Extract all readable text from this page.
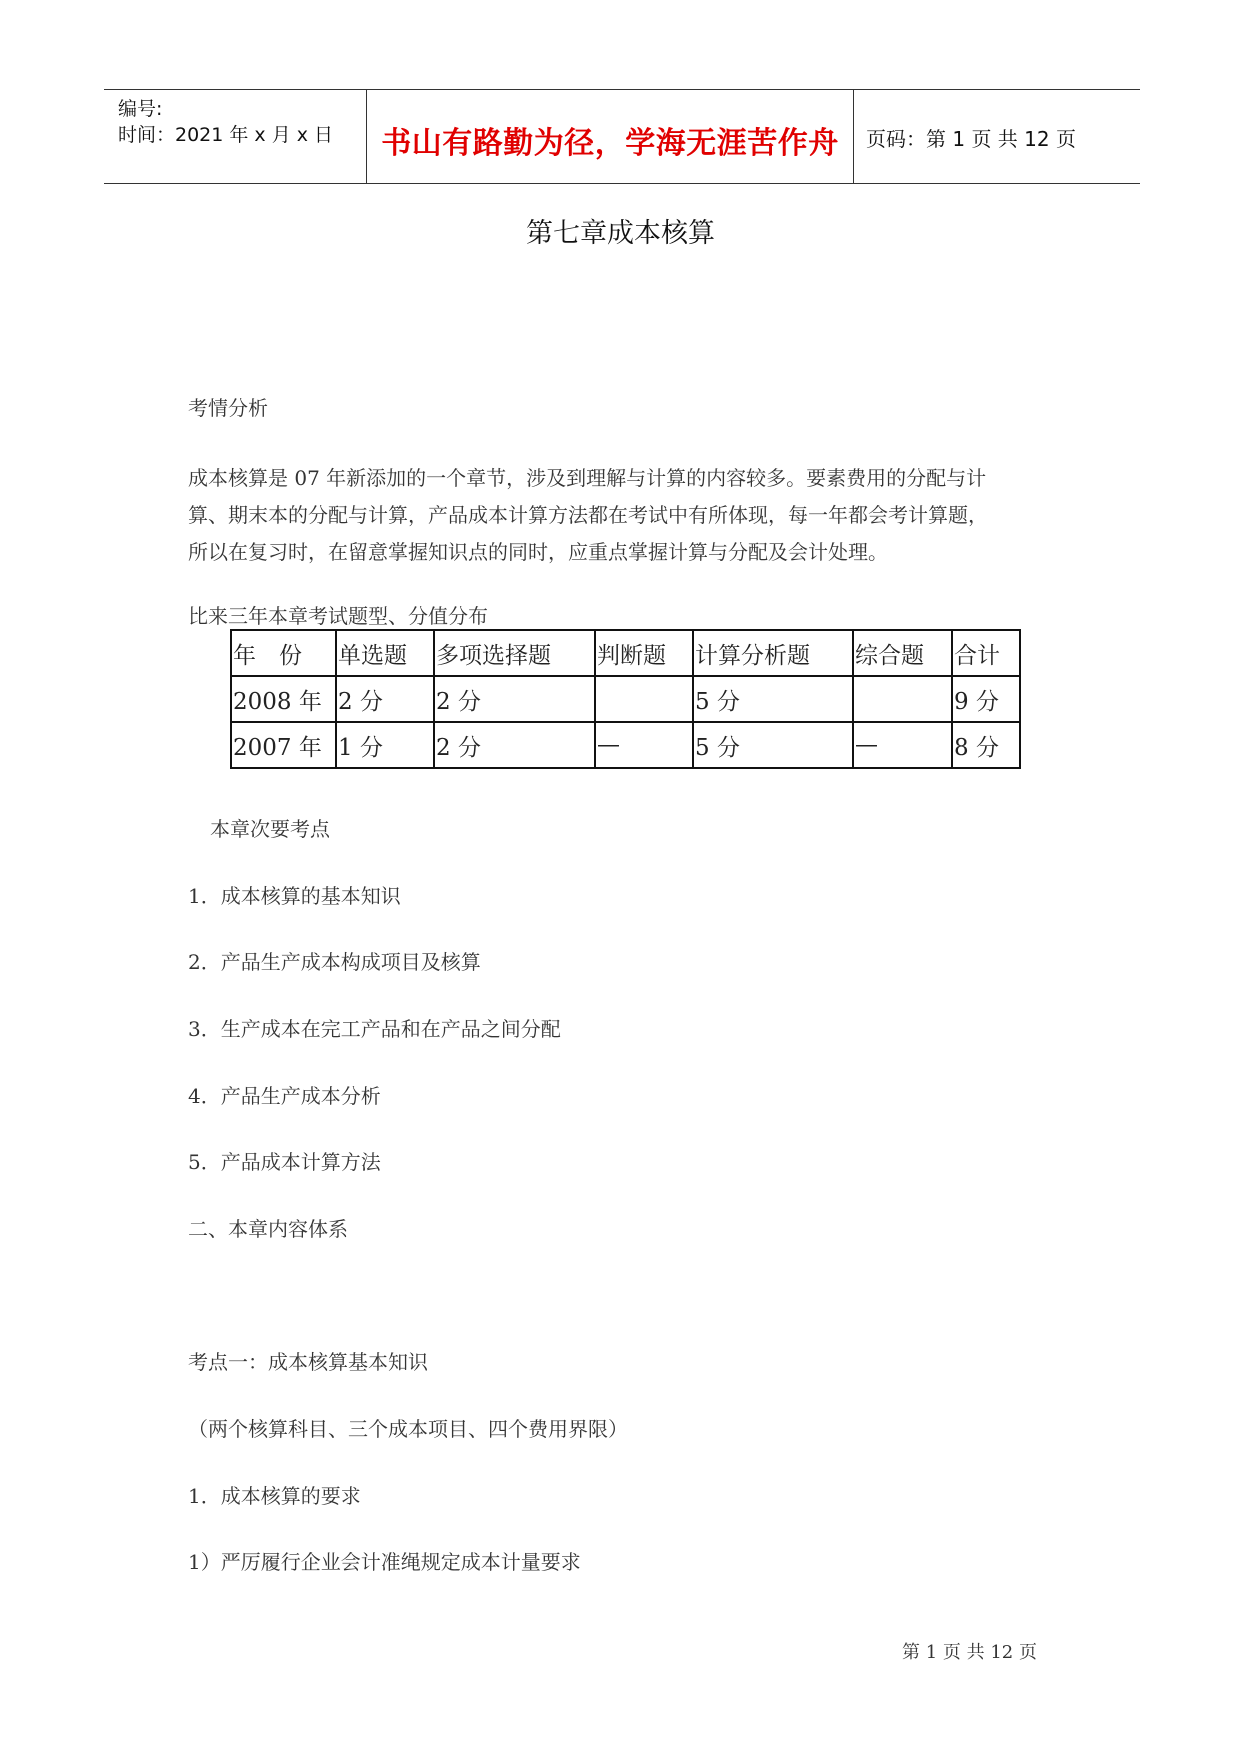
编号:
时间：2021 年 x 月 x 日	书山有路勤为径，学海无涯苦作舟	页码：第 1 页 共 12 页
第七章成本核算
考情分析
成本核算是 07 年新添加的一个章节，涉及到理解与计算的内容较多。要素费用的分配与计
算、期末本的分配与计算，产品成本计算方法都在考试中有所体现，每一年都会考计算题，
所以在复习时，在留意掌握知识点的同时，应重点掌握计算与分配及会计处理。
比来三年本章考试题型、分值分布
年　份	单选题	多项选择题	判断题	计算分析题	综合题	合计
2008 年	2 分	2 分		5 分		9 分
2007 年	1 分	2 分	—	5 分	—	8 分
本章次要考点
1．成本核算的基本知识
2．产品生产成本构成项目及核算
3．生产成本在完工产品和在产品之间分配
4．产品生产成本分析
5．产品成本计算方法
二、本章内容体系
考点一：成本核算基本知识
（两个核算科目、三个成本项目、四个费用界限）
1．成本核算的要求
1）严厉履行企业会计准绳规定成本计量要求
第 1 页 共 12 页
